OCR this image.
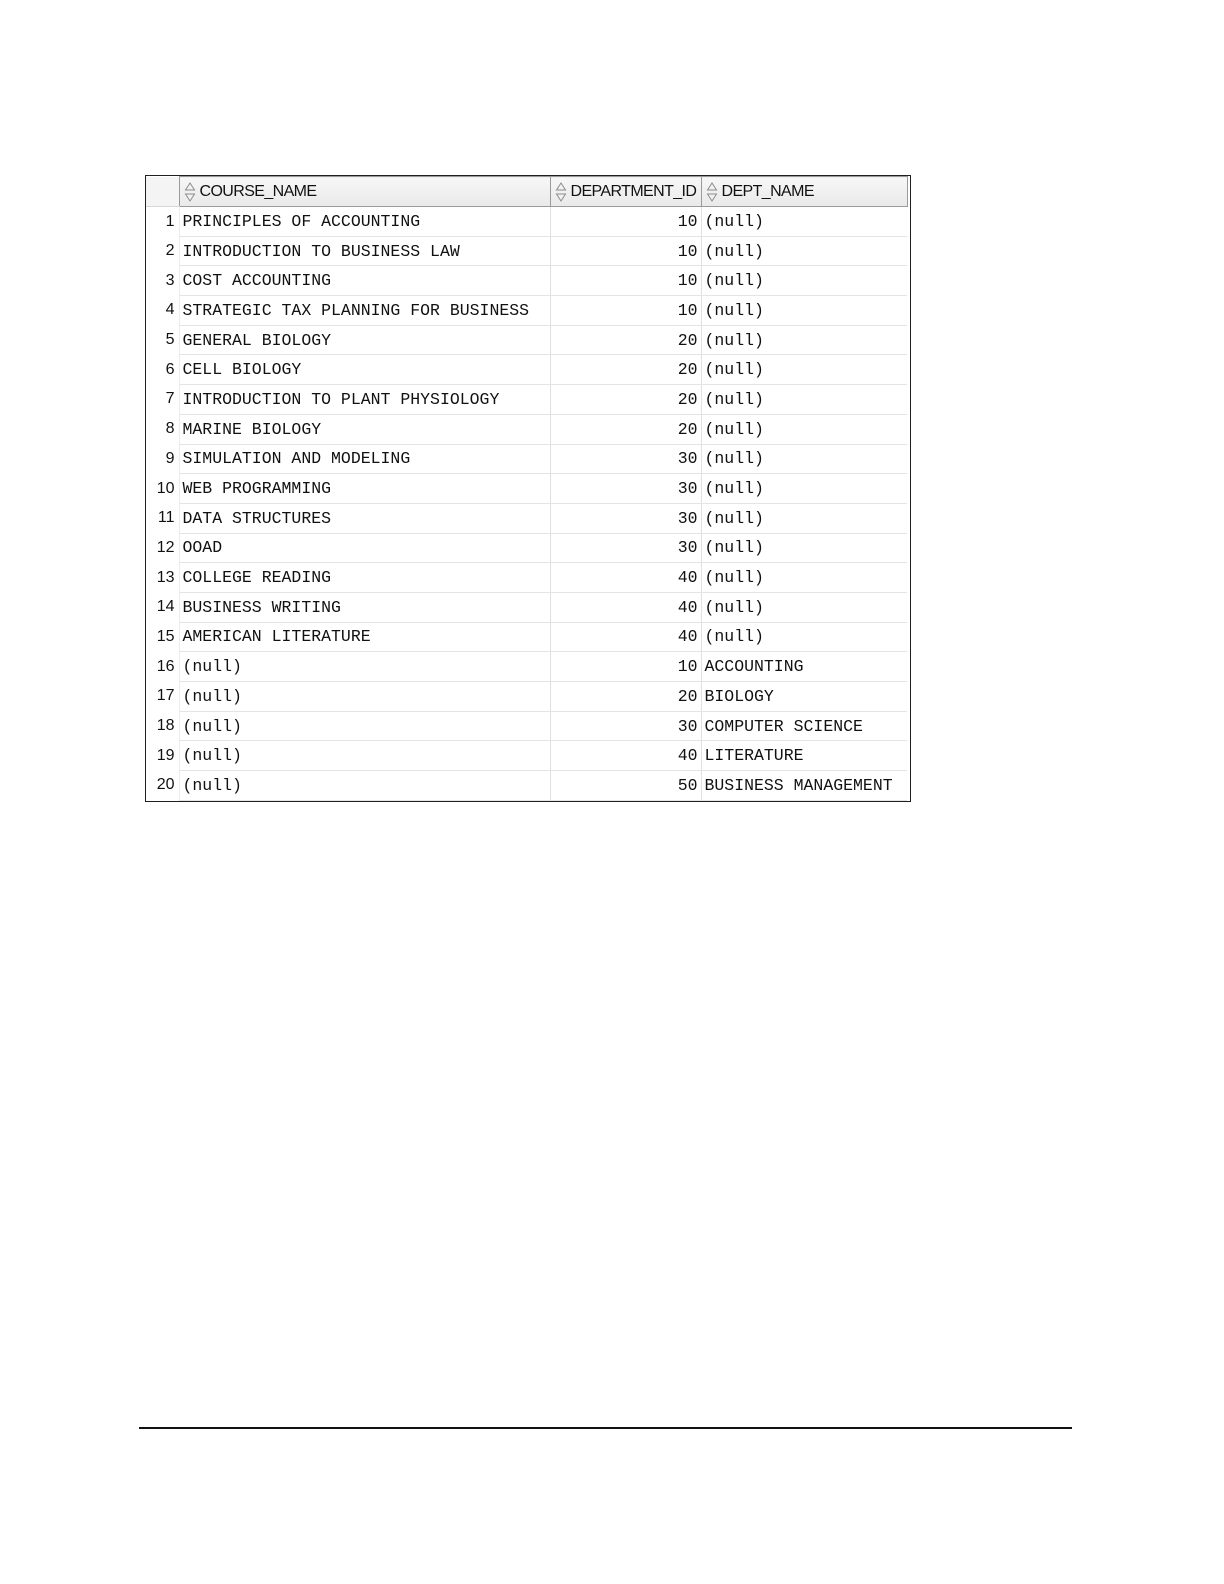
COURSE_NAME	DEPARTMENT_ID	DEPT_NAME
1	PRINCIPLES OF ACCOUNTING	10	(null)
2	INTRODUCTION TO BUSINESS LAW	10	(null)
3	COST ACCOUNTING	10	(null)
4	STRATEGIC TAX PLANNING FOR BUSINESS	10	(null)
5	GENERAL BIOLOGY	20	(null)
6	CELL BIOLOGY	20	(null)
7	INTRODUCTION TO PLANT PHYSIOLOGY	20	(null)
8	MARINE BIOLOGY	20	(null)
9	SIMULATION AND MODELING	30	(null)
10	WEB PROGRAMMING	30	(null)
11	DATA STRUCTURES	30	(null)
12	OOAD	30	(null)
13	COLLEGE READING	40	(null)
14	BUSINESS WRITING	40	(null)
15	AMERICAN LITERATURE	40	(null)
16	(null)	10	ACCOUNTING
17	(null)	20	BIOLOGY
18	(null)	30	COMPUTER SCIENCE
19	(null)	40	LITERATURE
20	(null)	50	BUSINESS MANAGEMENT
